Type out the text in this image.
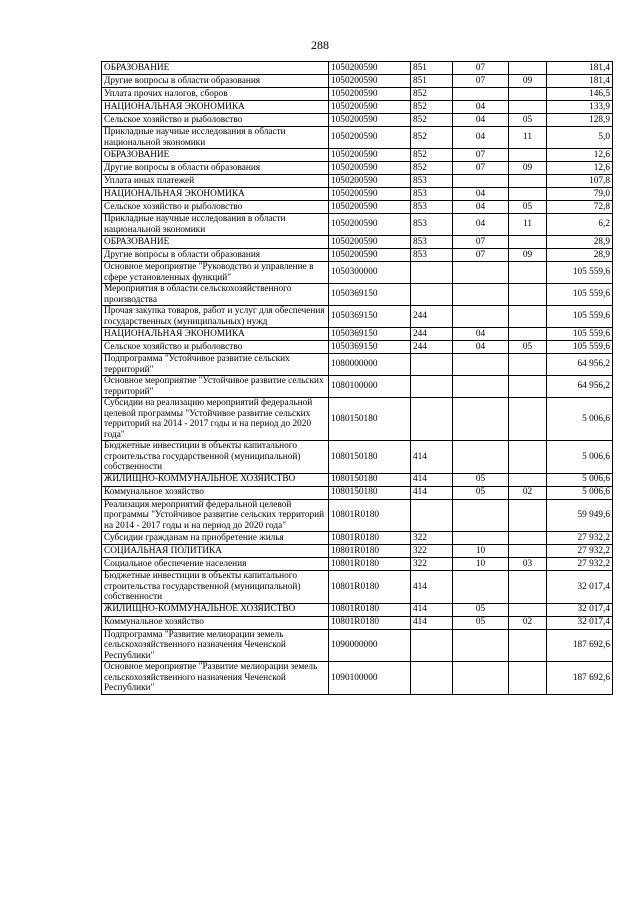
288
ОБРАЗОВАНИЕ	1050200590	851	07		181,4
Другие вопросы в области образования	1050200590	851	07	09	181,4
Уплата прочих налогов, сборов	1050200590	852			146,5
НАЦИОНАЛЬНАЯ ЭКОНОМИКА	1050200590	852	04		133,9
Сельское хозяйство и рыболовство	1050200590	852	04	05	128,9
Прикладные научные исследования в области национальной экономики	1050200590	852	04	11	5,0
ОБРАЗОВАНИЕ	1050200590	852	07		12,6
Другие вопросы в области образования	1050200590	852	07	09	12,6
Уплата иных платежей	1050200590	853			107,8
НАЦИОНАЛЬНАЯ ЭКОНОМИКА	1050200590	853	04		79,0
Сельское хозяйство и рыболовство	1050200590	853	04	05	72,8
Прикладные научные исследования в области национальной экономики	1050200590	853	04	11	6,2
ОБРАЗОВАНИЕ	1050200590	853	07		28,9
Другие вопросы в области образования	1050200590	853	07	09	28,9
Основное мероприятие "Руководство и управление в сфере установленных функций"	1050300000				105 559,6
Мероприятия в области сельскохозяйственного производства	1050369150				105 559,6
Прочая закупка товаров, работ и услуг для обеспечения государственных (муниципальных) нужд	1050369150	244			105 559,6
НАЦИОНАЛЬНАЯ ЭКОНОМИКА	1050369150	244	04		105 559,6
Сельское хозяйство и рыболовство	1050369150	244	04	05	105 559,6
Подпрограмма "Устойчивое развитие сельских территорий"	1080000000				64 956,2
Основное мероприятие "Устойчивое развитие сельских территорий"	1080100000				64 956,2
Субсидии на реализацию мероприятий федеральной целевой программы "Устойчивое развитие сельских территорий на 2014 - 2017 годы и на период до 2020 года"	1080150180				5 006,6
Бюджетные инвестиции в объекты капитального строительства государственной (муниципальной) собственности	1080150180	414			5 006,6
ЖИЛИЩНО-КОММУНАЛЬНОЕ ХОЗЯЙСТВО	1080150180	414	05		5 006,6
Коммунальное хозяйство	1080150180	414	05	02	5 006,6
Реализация мероприятий федеральной целевой программы "Устойчивое развитие сельских территорий на 2014 - 2017 годы и на период до 2020 года"	10801R0180				59 949,6
Субсидии гражданам на приобретение жилья	10801R0180	322			27 932,2
СОЦИАЛЬНАЯ ПОЛИТИКА	10801R0180	322	10		27 932,2
Социальное обеспечение населения	10801R0180	322	10	03	27 932,2
Бюджетные инвестиции в объекты капитального строительства государственной (муниципальной) собственности	10801R0180	414			32 017,4
ЖИЛИЩНО-КОММУНАЛЬНОЕ ХОЗЯЙСТВО	10801R0180	414	05		32 017,4
Коммунальное хозяйство	10801R0180	414	05	02	32 017,4
Подпрограмма "Развитие мелиорации земель сельскохозяйственного назначения Чеченской Республики"	1090000000				187 692,6
Основное мероприятие "Развитие мелиорации земель сельскохозяйственного назначения Чеченской Республики"	1090100000				187 692,6
